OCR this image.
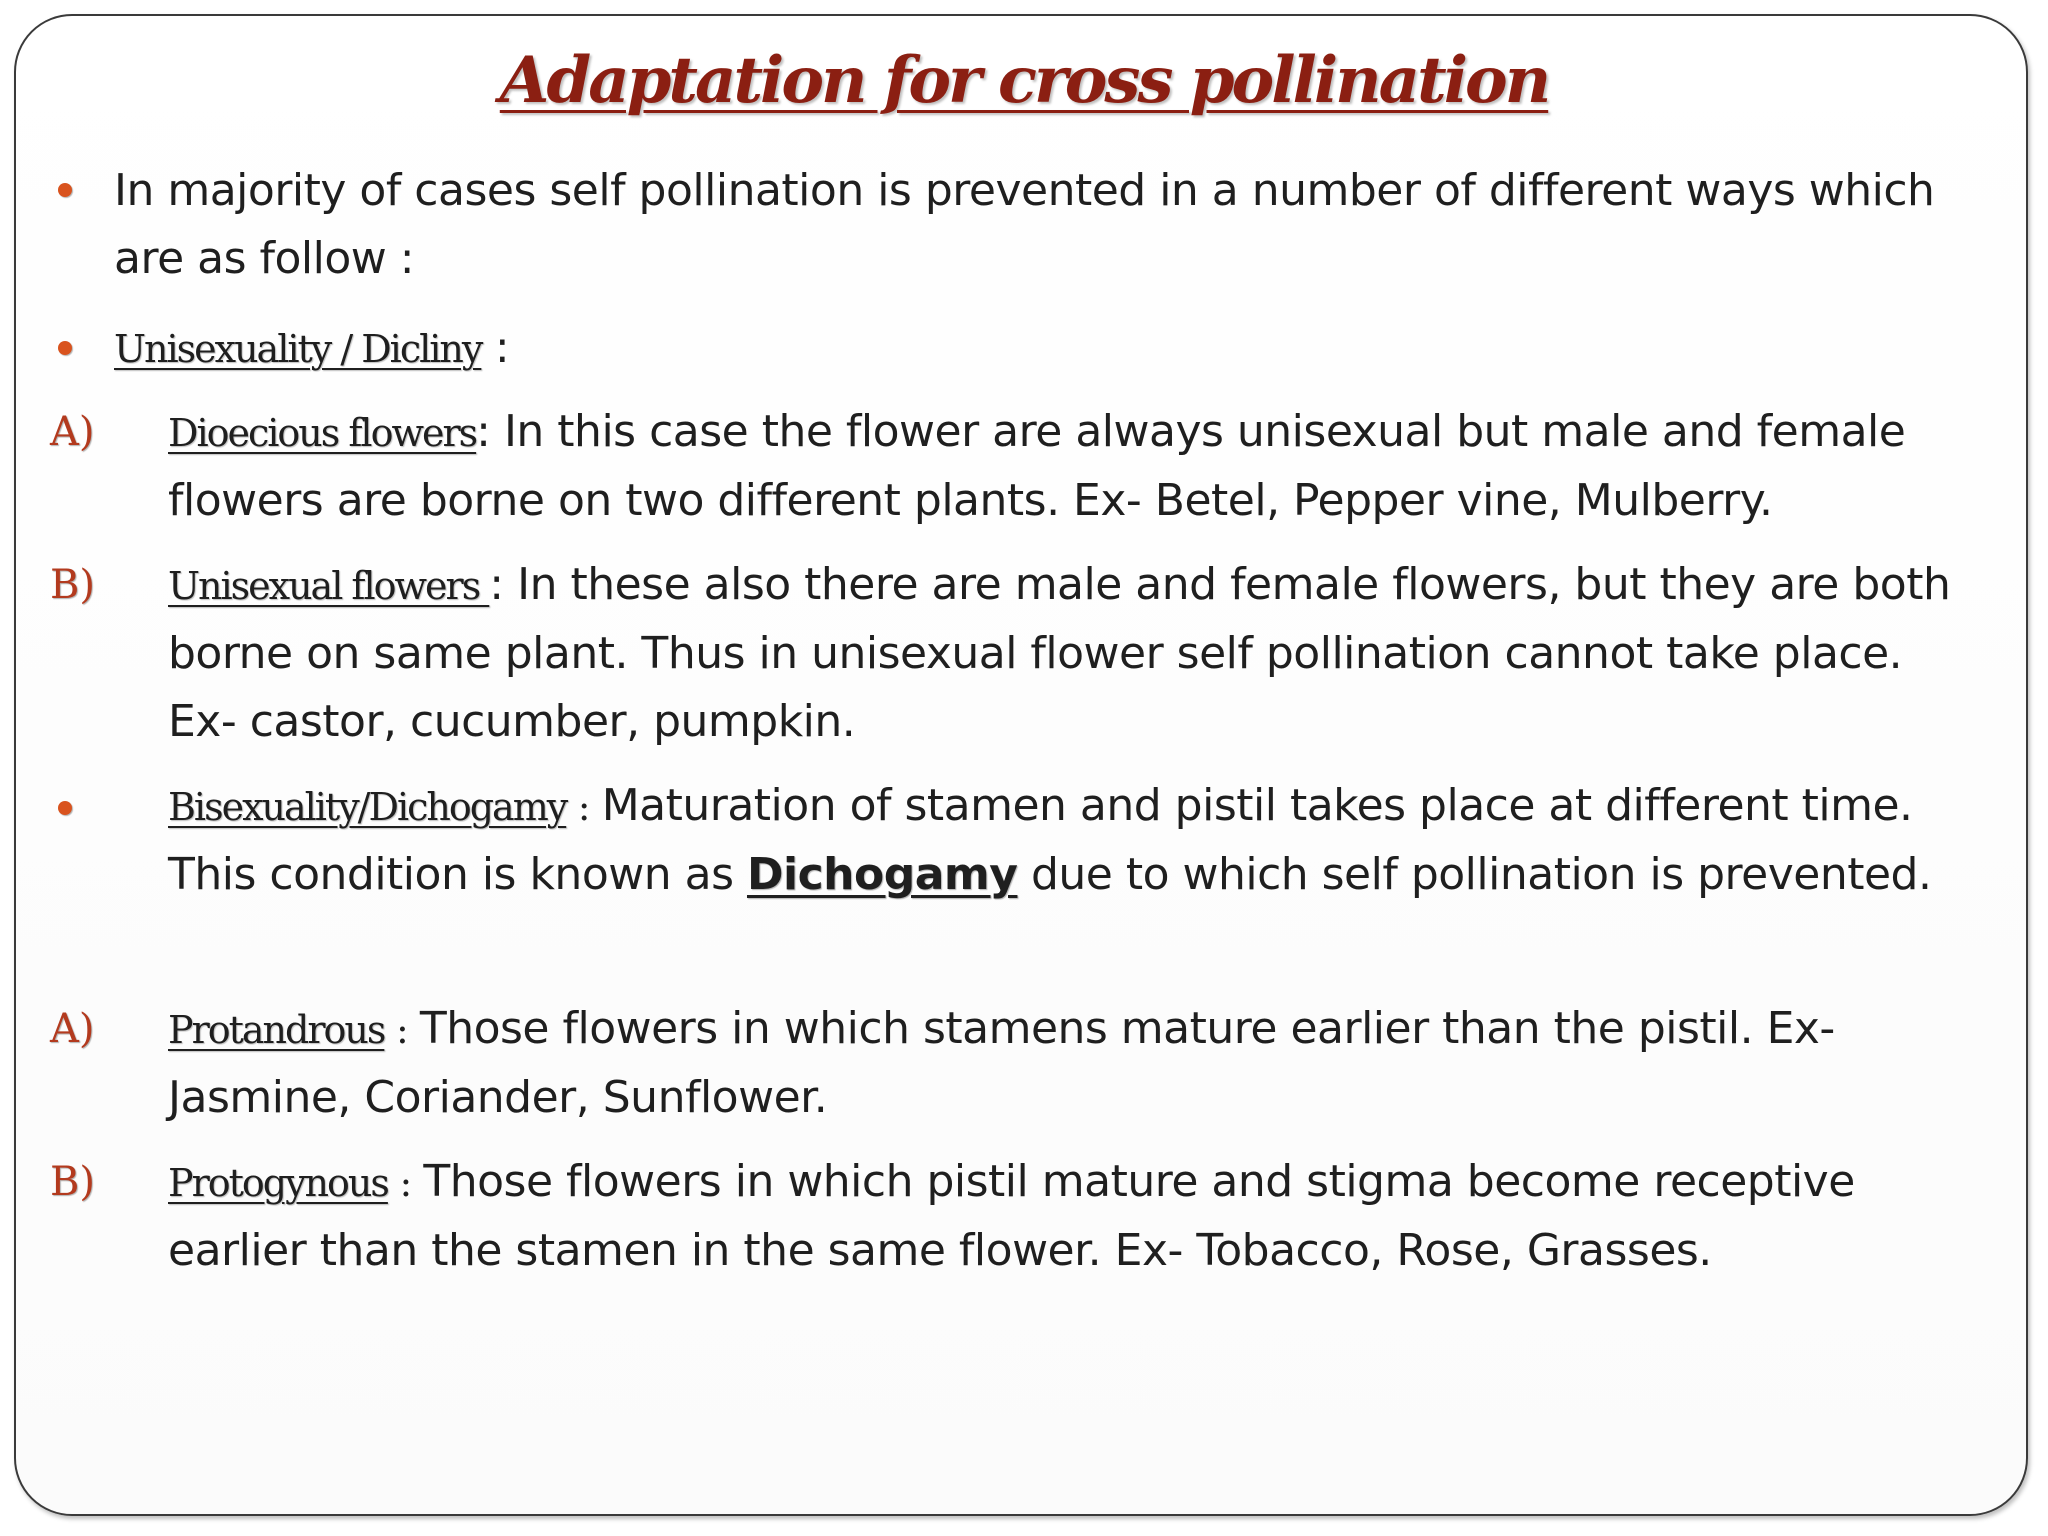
Adaptation for cross pollination
In majority of cases self pollination is prevented in a number of different ways which are as follow :
Unisexuality / Dicliny :
A) Dioecious flowers: In this case the flower are always unisexual but male and female flowers are borne on two different plants. Ex- Betel, Pepper vine, Mulberry.
B) Unisexual flowers : In these also there are male and female flowers, but they are both borne on same plant. Thus in unisexual flower self pollination cannot take place. Ex- castor, cucumber, pumpkin.
Bisexuality/Dichogamy : Maturation of stamen and pistil takes place at different time. This condition is known as Dichogamy due to which self pollination is prevented.
A) Protandrous : Those flowers in which stamens mature earlier than the pistil. Ex- Jasmine, Coriander, Sunflower.
B) Protogynous : Those flowers in which pistil mature and stigma become receptive earlier than the stamen in the same flower. Ex- Tobacco, Rose, Grasses.
